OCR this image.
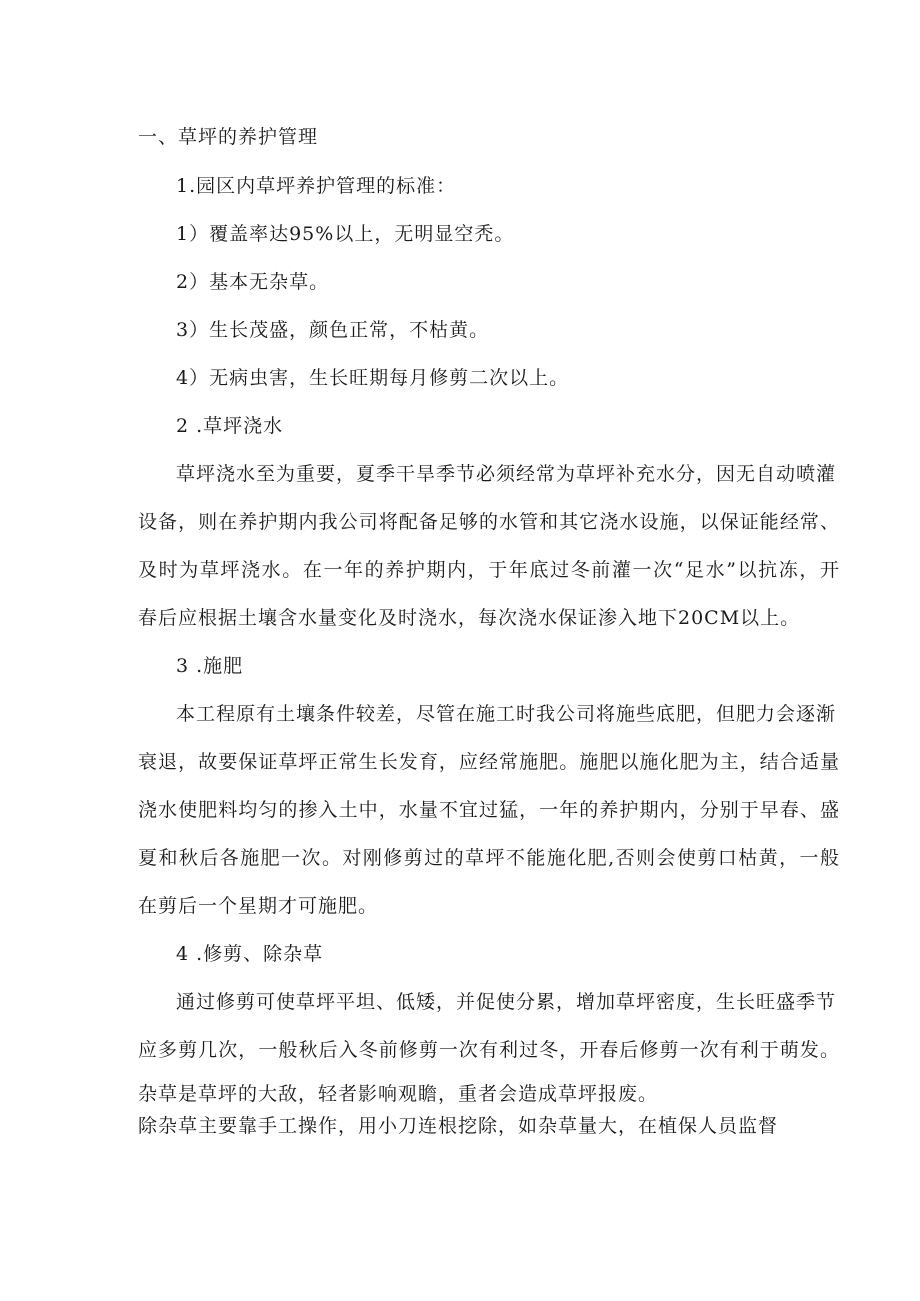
一、草坪的养护管理
1.园区内草坪养护管理的标准：
1）覆盖率达95%以上，无明显空秃。
2）基本无杂草。
3）生长茂盛，颜色正常，不枯黄。
4）无病虫害，生长旺期每月修剪二次以上。
2 .草坪浇水
草坪浇水至为重要，夏季干旱季节必须经常为草坪补充水分，因无自动喷灌
设备，则在养护期内我公司将配备足够的水管和其它浇水设施，以保证能经常、
及时为草坪浇水。在一年的养护期内，于年底过冬前灌一次“足水”以抗冻，开
春后应根据土壤含水量变化及时浇水，每次浇水保证渗入地下20CM以上。
3 .施肥
本工程原有土壤条件较差，尽管在施工时我公司将施些底肥，但肥力会逐渐
衰退，故要保证草坪正常生长发育，应经常施肥。施肥以施化肥为主，结合适量
浇水使肥料均匀的掺入土中，水量不宜过猛，一年的养护期内，分别于早春、盛
夏和秋后各施肥一次。对刚修剪过的草坪不能施化肥,否则会使剪口枯黄，一般
在剪后一个星期才可施肥。
4 .修剪、除杂草
通过修剪可使草坪平坦、低矮，并促使分累，增加草坪密度，生长旺盛季节
应多剪几次，一般秋后入冬前修剪一次有利过冬，开春后修剪一次有利于萌发。
杂草是草坪的大敌，轻者影响观瞻，重者会造成草坪报废。
除杂草主要靠手工操作，用小刀连根挖除，如杂草量大，在植保人员监督
